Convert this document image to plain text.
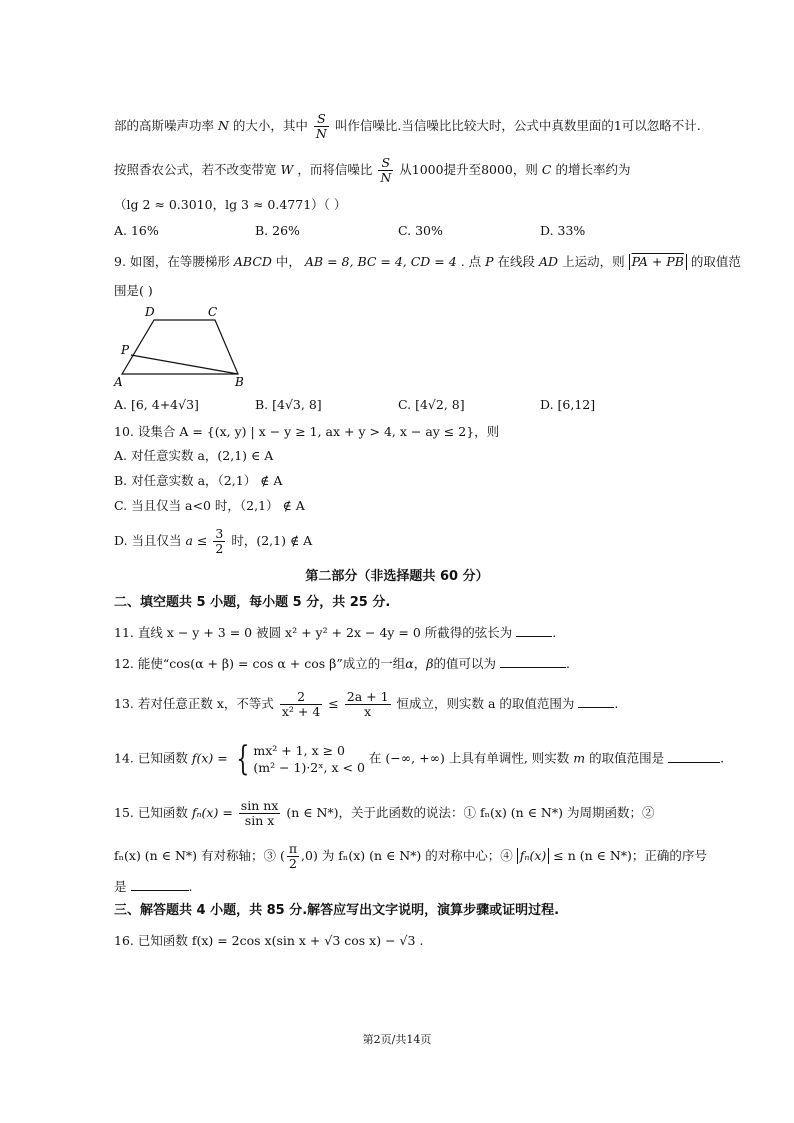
部的高斯噪声功率 N 的大小，其中 $\frac{S}{N}$ 叫作信噪比.当信噪比比较大时，公式中真数里面的1可以忽略不计.
按照香农公式，若不改变带宽 W ，而将信噪比 $\frac{S}{N}$ 从1000提升至8000，则 C 的增长率约为
（lg 2 ≈ 0.3010，lg 3 ≈ 0.4771）（ ）
A. 16%	B. 26%	C. 30%	D. 33%
9. 如图，在等腰梯形 ABCD 中， AB = 8, BC = 4, CD = 4 . 点 P 在线段 AD 上运动，则 PA + PB 的取值范
围是( )
D	C
P
A	B
A. [6, 4+4√3]	B. [4√3, 8]	C. [4√2, 8]	D. [6,12]
10. 设集合 A = {(x, y) | x − y ≥ 1, ax + y > 4, x − ay ≤ 2}，则
A. 对任意实数 a，(2,1) ∈ A
B. 对任意实数 a，（2,1） ∉ A
C. 当且仅当 a<0 时，（2,1） ∉ A
D. 当且仅当 $a \le \frac{3}{2}$ 时，(2,1) ∉ A
第二部分（非选择题共 60 分）
二、填空题共 5 小题，每小题 5 分，共 25 分.
11. 直线 x − y + 3 = 0 被圆 x² + y² + 2x − 4y = 0 所截得的弦长为	.
12. 能使“cos(α + β) = cos α + cos β”成立的一组α，β的值可以为	.
13. 若对任意正数 x，不等式 $\frac{2}{\text{x² + 4}} \le \frac{2a + 1}{x}$ 恒成立，则实数 a 的取值范围为	.
14. 已知函数 f(x) = { mx² + 1, x ≥ 0
(m² − 1)·2ˣ, x < 0
在 (−∞, +∞) 上具有单调性, 则实数 m 的取值范围是	.
15. 已知函数 $f_n(x) = \frac{\text{sin nx}}{\text{sin x}} (n$ ∈ N*)，关于此函数的说法：① fₙ(x) (n ∈ N*) 为周期函数；②
fₙ(x) (n ∈ N*) 有对称轴；③ ( $\frac{\pi}{2} ,0$) 为 fₙ(x) (n ∈ N*) 的对称中心；④ fₙ(x) ≤ n (n ∈ N*)；正确的序号
是	.
三、解答题共 4 小题，共 85 分.解答应写出文字说明，演算步骤或证明过程.
16. 已知函数 f(x) = 2cos x(sin x + √3 cos x) − √3 .
第2页/共14页
